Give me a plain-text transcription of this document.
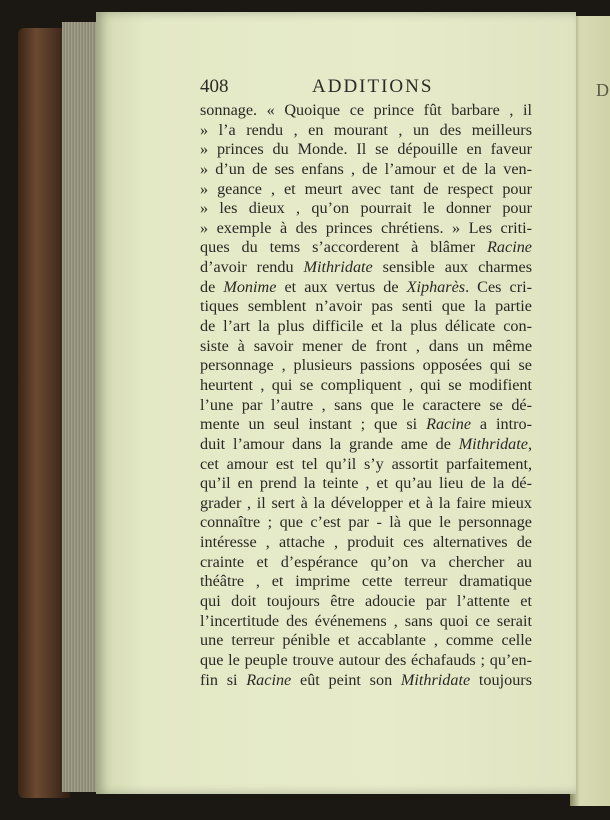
D
408	ADDITIONS
sonnage. « Quoique ce prince fût barbare , il
» l’a rendu , en mourant , un des meilleurs
» princes du Monde. Il se dépouille en faveur
» d’un de ses enfans , de l’amour et de la ven-
» geance , et meurt avec tant de respect pour
» les dieux , qu’on pourrait le donner pour
» exemple à des princes chrétiens. » Les criti-
ques du tems s’accorderent à blâmer Racine
d’avoir rendu Mithridate sensible aux charmes
de Monime et aux vertus de Xipharès. Ces cri-
tiques semblent n’avoir pas senti que la partie
de l’art la plus difficile et la plus délicate con-
siste à savoir mener de front , dans un même
personnage , plusieurs passions opposées qui se
heurtent , qui se compliquent , qui se modifient
l’une par l’autre , sans que le caractere se dé-
mente un seul instant ; que si Racine a intro-
duit l’amour dans la grande ame de Mithridate,
cet amour est tel qu’il s’y assortit parfaitement,
qu’il en prend la teinte , et qu’au lieu de la dé-
grader , il sert à la développer et à la faire mieux
connaître ; que c’est par - là que le personnage
intéresse , attache , produit ces alternatives de
crainte et d’espérance qu’on va chercher au
théâtre , et imprime cette terreur dramatique
qui doit toujours être adoucie par l’attente et
l’incertitude des événemens , sans quoi ce serait
une terreur pénible et accablante , comme celle
que le peuple trouve autour des échafauds ; qu’en-
fin si Racine eût peint son Mithridate toujours
